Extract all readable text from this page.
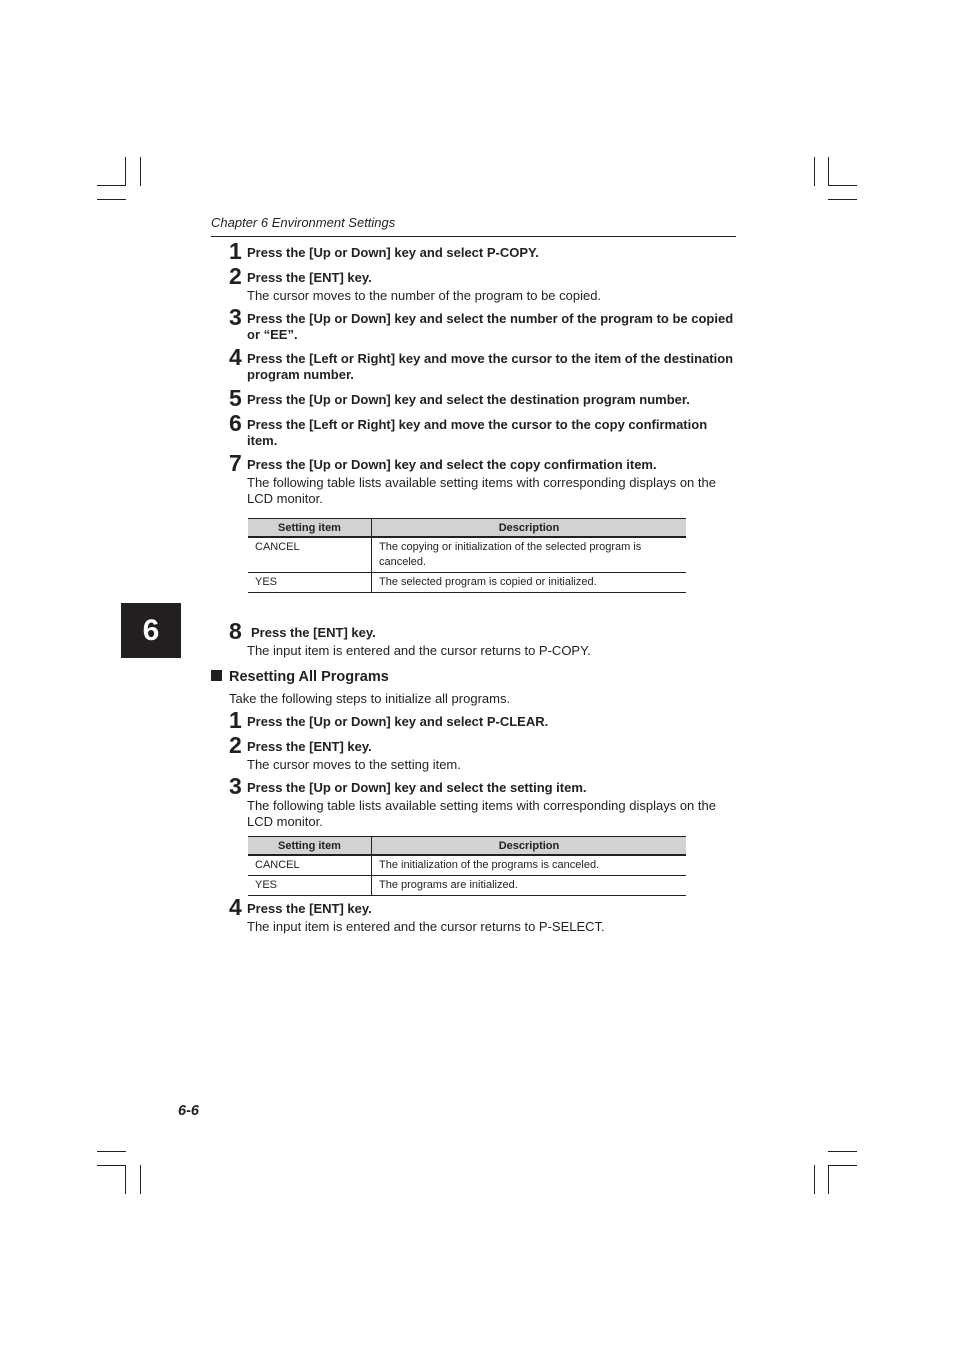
Chapter 6 Environment Settings
1 Press the [Up or Down] key and select P-COPY.
2 Press the [ENT] key.
The cursor moves to the number of the program to be copied.
3 Press the [Up or Down] key and select the number of the program to be copied or “EE”.
4 Press the [Left or Right] key and move the cursor to the item of the destination program number.
5 Press the [Up or Down] key and select the destination program number.
6 Press the [Left or Right] key and move the cursor to the copy confirmation item.
7 Press the [Up or Down] key and select the copy confirmation item.
The following table lists available setting items with corresponding displays on the LCD monitor.
Setting item	Description
CANCEL	The copying or initialization of the selected program is canceled.
YES	The selected program is copied or initialized.
6	8 Press the [ENT] key.
The input item is entered and the cursor returns to P-COPY.
Resetting All Programs
Take the following steps to initialize all programs.
1 Press the [Up or Down] key and select P-CLEAR.
2 Press the [ENT] key.
The cursor moves to the setting item.
3 Press the [Up or Down] key and select the setting item.
The following table lists available setting items with corresponding displays on the LCD monitor.
Setting item	Description
CANCEL	The initialization of the programs is canceled.
YES	The programs are initialized.
4 Press the [ENT] key.
The input item is entered and the cursor returns to P-SELECT.
6-6
